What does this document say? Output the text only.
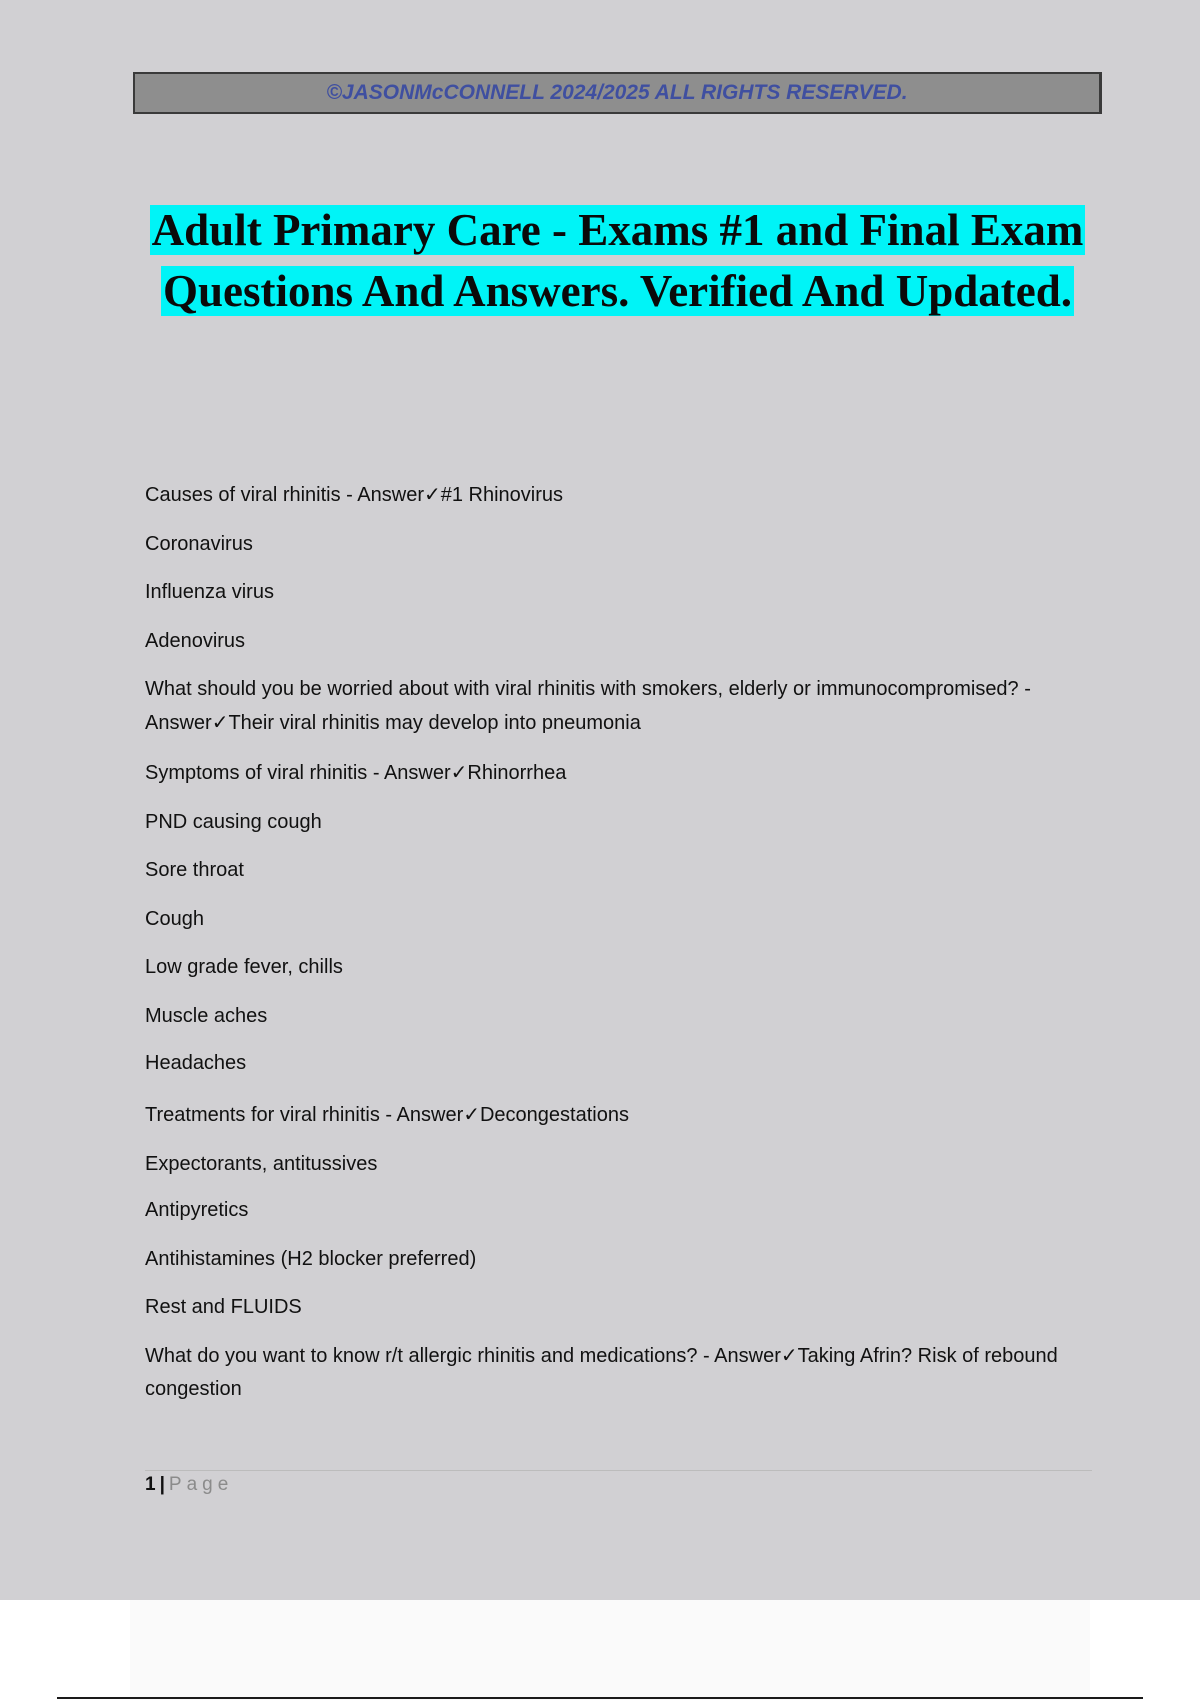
©JASONMcCONNELL 2024/2025 ALL RIGHTS RESERVED.
Adult Primary Care - Exams #1 and Final Exam Questions And Answers. Verified And Updated.

Causes of viral rhinitis - Answer✓#1 Rhinovirus

Coronavirus

Influenza virus

Adenovirus

What should you be worried about with viral rhinitis with smokers, elderly or immunocompromised? - Answer✓Their viral rhinitis may develop into pneumonia

Symptoms of viral rhinitis - Answer✓Rhinorrhea

PND causing cough

Sore throat

Cough

Low grade fever, chills

Muscle aches

Headaches

Treatments for viral rhinitis - Answer✓Decongestations

Expectorants, antitussives

Antipyretics

Antihistamines (H2 blocker preferred)

Rest and FLUIDS

What do you want to know r/t allergic rhinitis and medications? - Answer✓Taking Afrin? Risk of rebound congestion

1 | Page
